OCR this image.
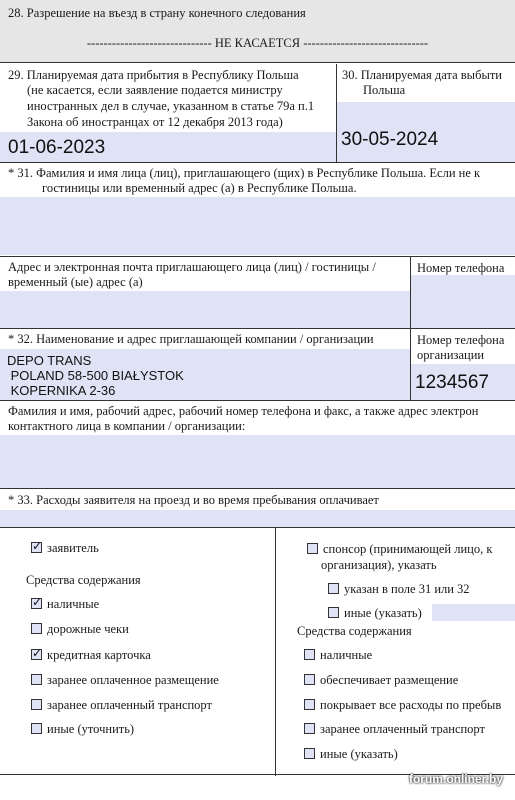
28. Разрешение на въезд в страну конечного следования
------------------------------ НЕ КАСАЕТСЯ ------------------------------
29. Планируемая дата прибытия в Республику Польша
(не касается, если заявление подается министру
иностранных дел в случае, указанном в статье 79а п.1
Закона об иностранцах от 12 декабря 2013 года)
01-06-2023
30. Планируемая дата выбыти
Польша
30-05-2024
* 31. Фамилия и имя лица (лиц), приглашающего (щих) в Республике Польша. Если не к
гостиницы или временный адрес (а) в Республике Польша.
Адрес и электронная почта приглашающего лица (лиц) / гостиницы /
временный (ые) адрес (а)
Номер телефона
* 32. Наименование и адрес приглашающей компании / организации
DEPO TRANS
POLAND 58-500 BIAŁYSTOK
KOPERNIKA 2-36
Номер телефона
организации
1234567
Фамилия и имя, рабочий адрес, рабочий номер телефона и факс, а также адрес электрон
контактного лица в компании / организации:
* 33. Расходы заявителя на проезд и во время пребывания оплачивает
✓заявитель
Средства содержания
✓наличные
дорожные чеки
✓кредитная карточка
заранее оплаченное размещение
заранее оплаченный транспорт
иные (уточнить)
спонсор (принимающей лицо, к
организация), указать
указан в поле 31 или 32
иные (указать)
Средства содержания
наличные
обеспечивает размещение
покрывает все расходы по пребыв
заранее оплаченный транспорт
иные (указать)
forum.onliner.by
